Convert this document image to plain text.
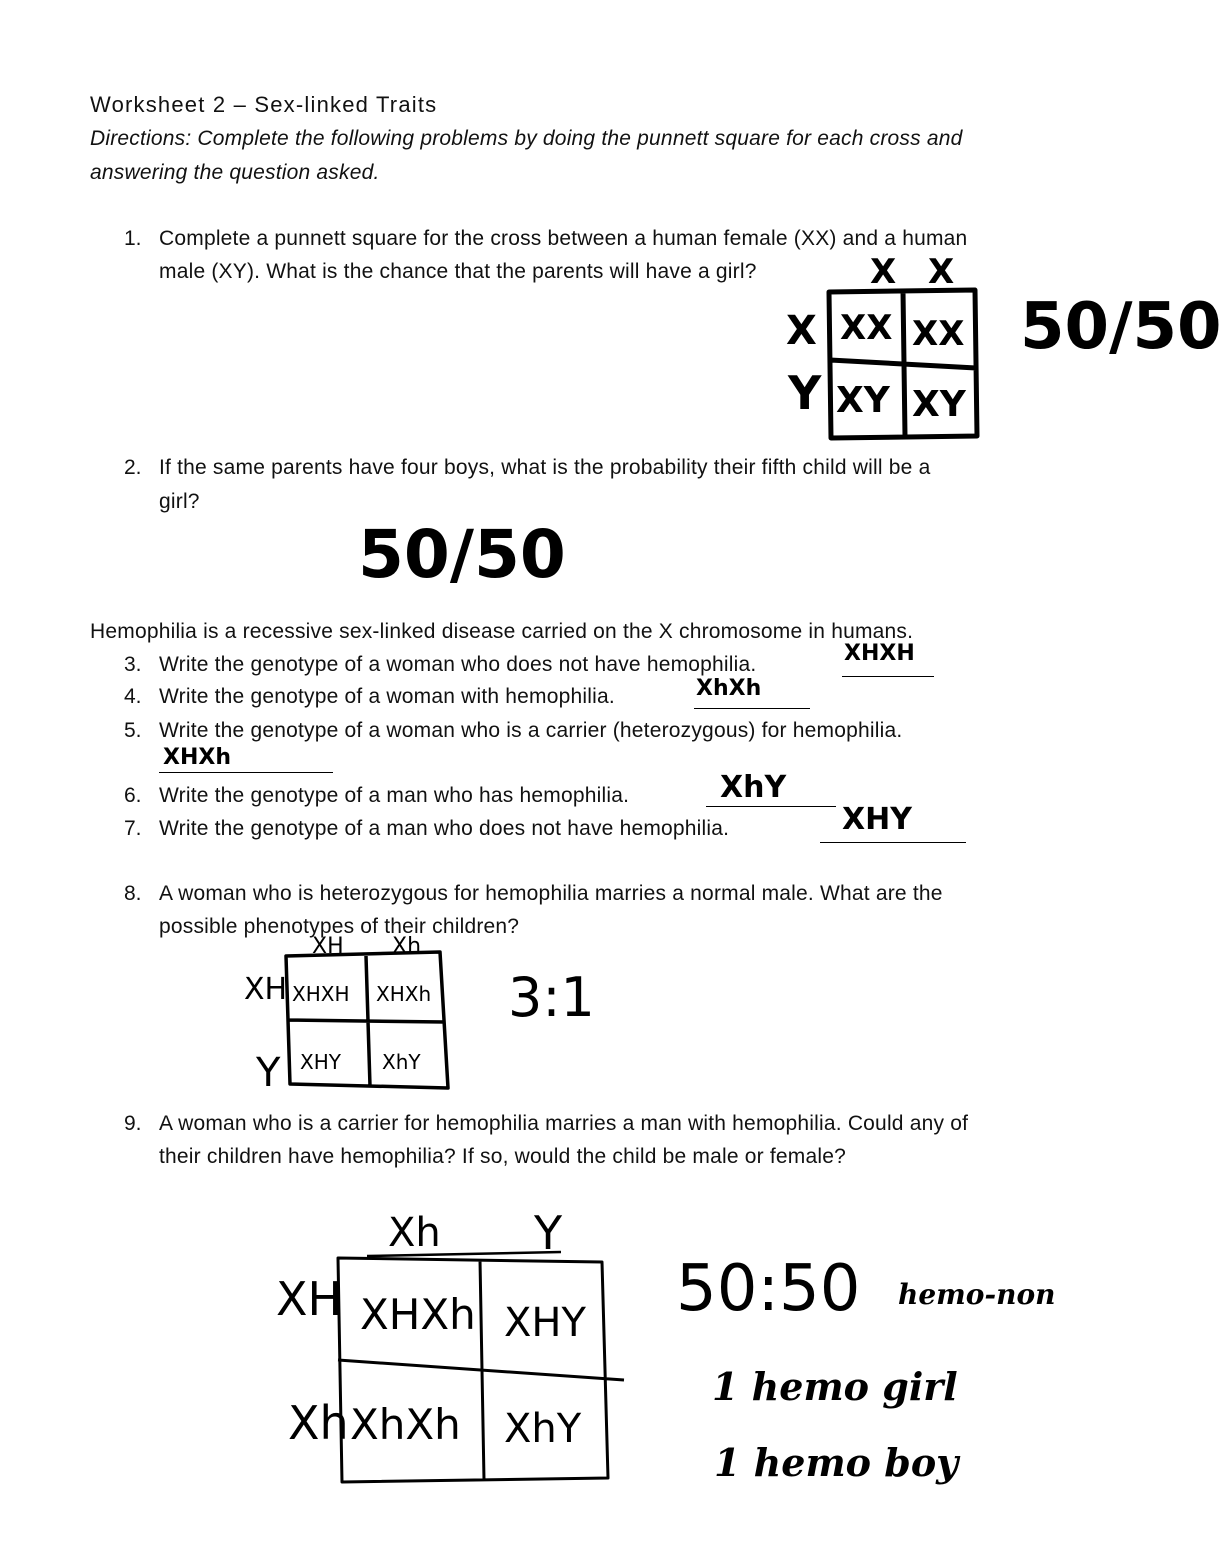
Worksheet 2 – Sex-linked Traits
Directions: Complete the following problems by doing the punnett square for each cross and
answering the question asked.
1. Complete a punnett square for the cross between a human female (XX) and a human
male (XY). What is the chance that the parents will have a girl?	X X
X
Y
XX XX
XY XY
50/50
2. If the same parents have four boys, what is the probability their fifth child will be a
girl?
50/50
Hemophilia is a recessive sex-linked disease carried on the X chromosome in humans.
3. Write the genotype of a woman who does not have hemophilia.	XHXH
4. Write the genotype of a woman with hemophilia.	XhXh
5. Write the genotype of a woman who is a carrier (heterozygous) for hemophilia.
XHXh
6. Write the genotype of a man who has hemophilia.	XhY
7. Write the genotype of a man who does not have hemophilia.	XHY
8. A woman who is heterozygous for hemophilia marries a normal male. What are the
possible phenotypes of their children?
XH Xh
XH
Y
XHXH XHXh
XHY XhY
3:1
9. A woman who is a carrier for hemophilia marries a man with hemophilia. Could any of
their children have hemophilia? If so, would the child be male or female?
Xh Y
XH
Xh
XHXh XHY
XhXh XhY
50:50 hemo-non
1 hemo girl
1 hemo boy
